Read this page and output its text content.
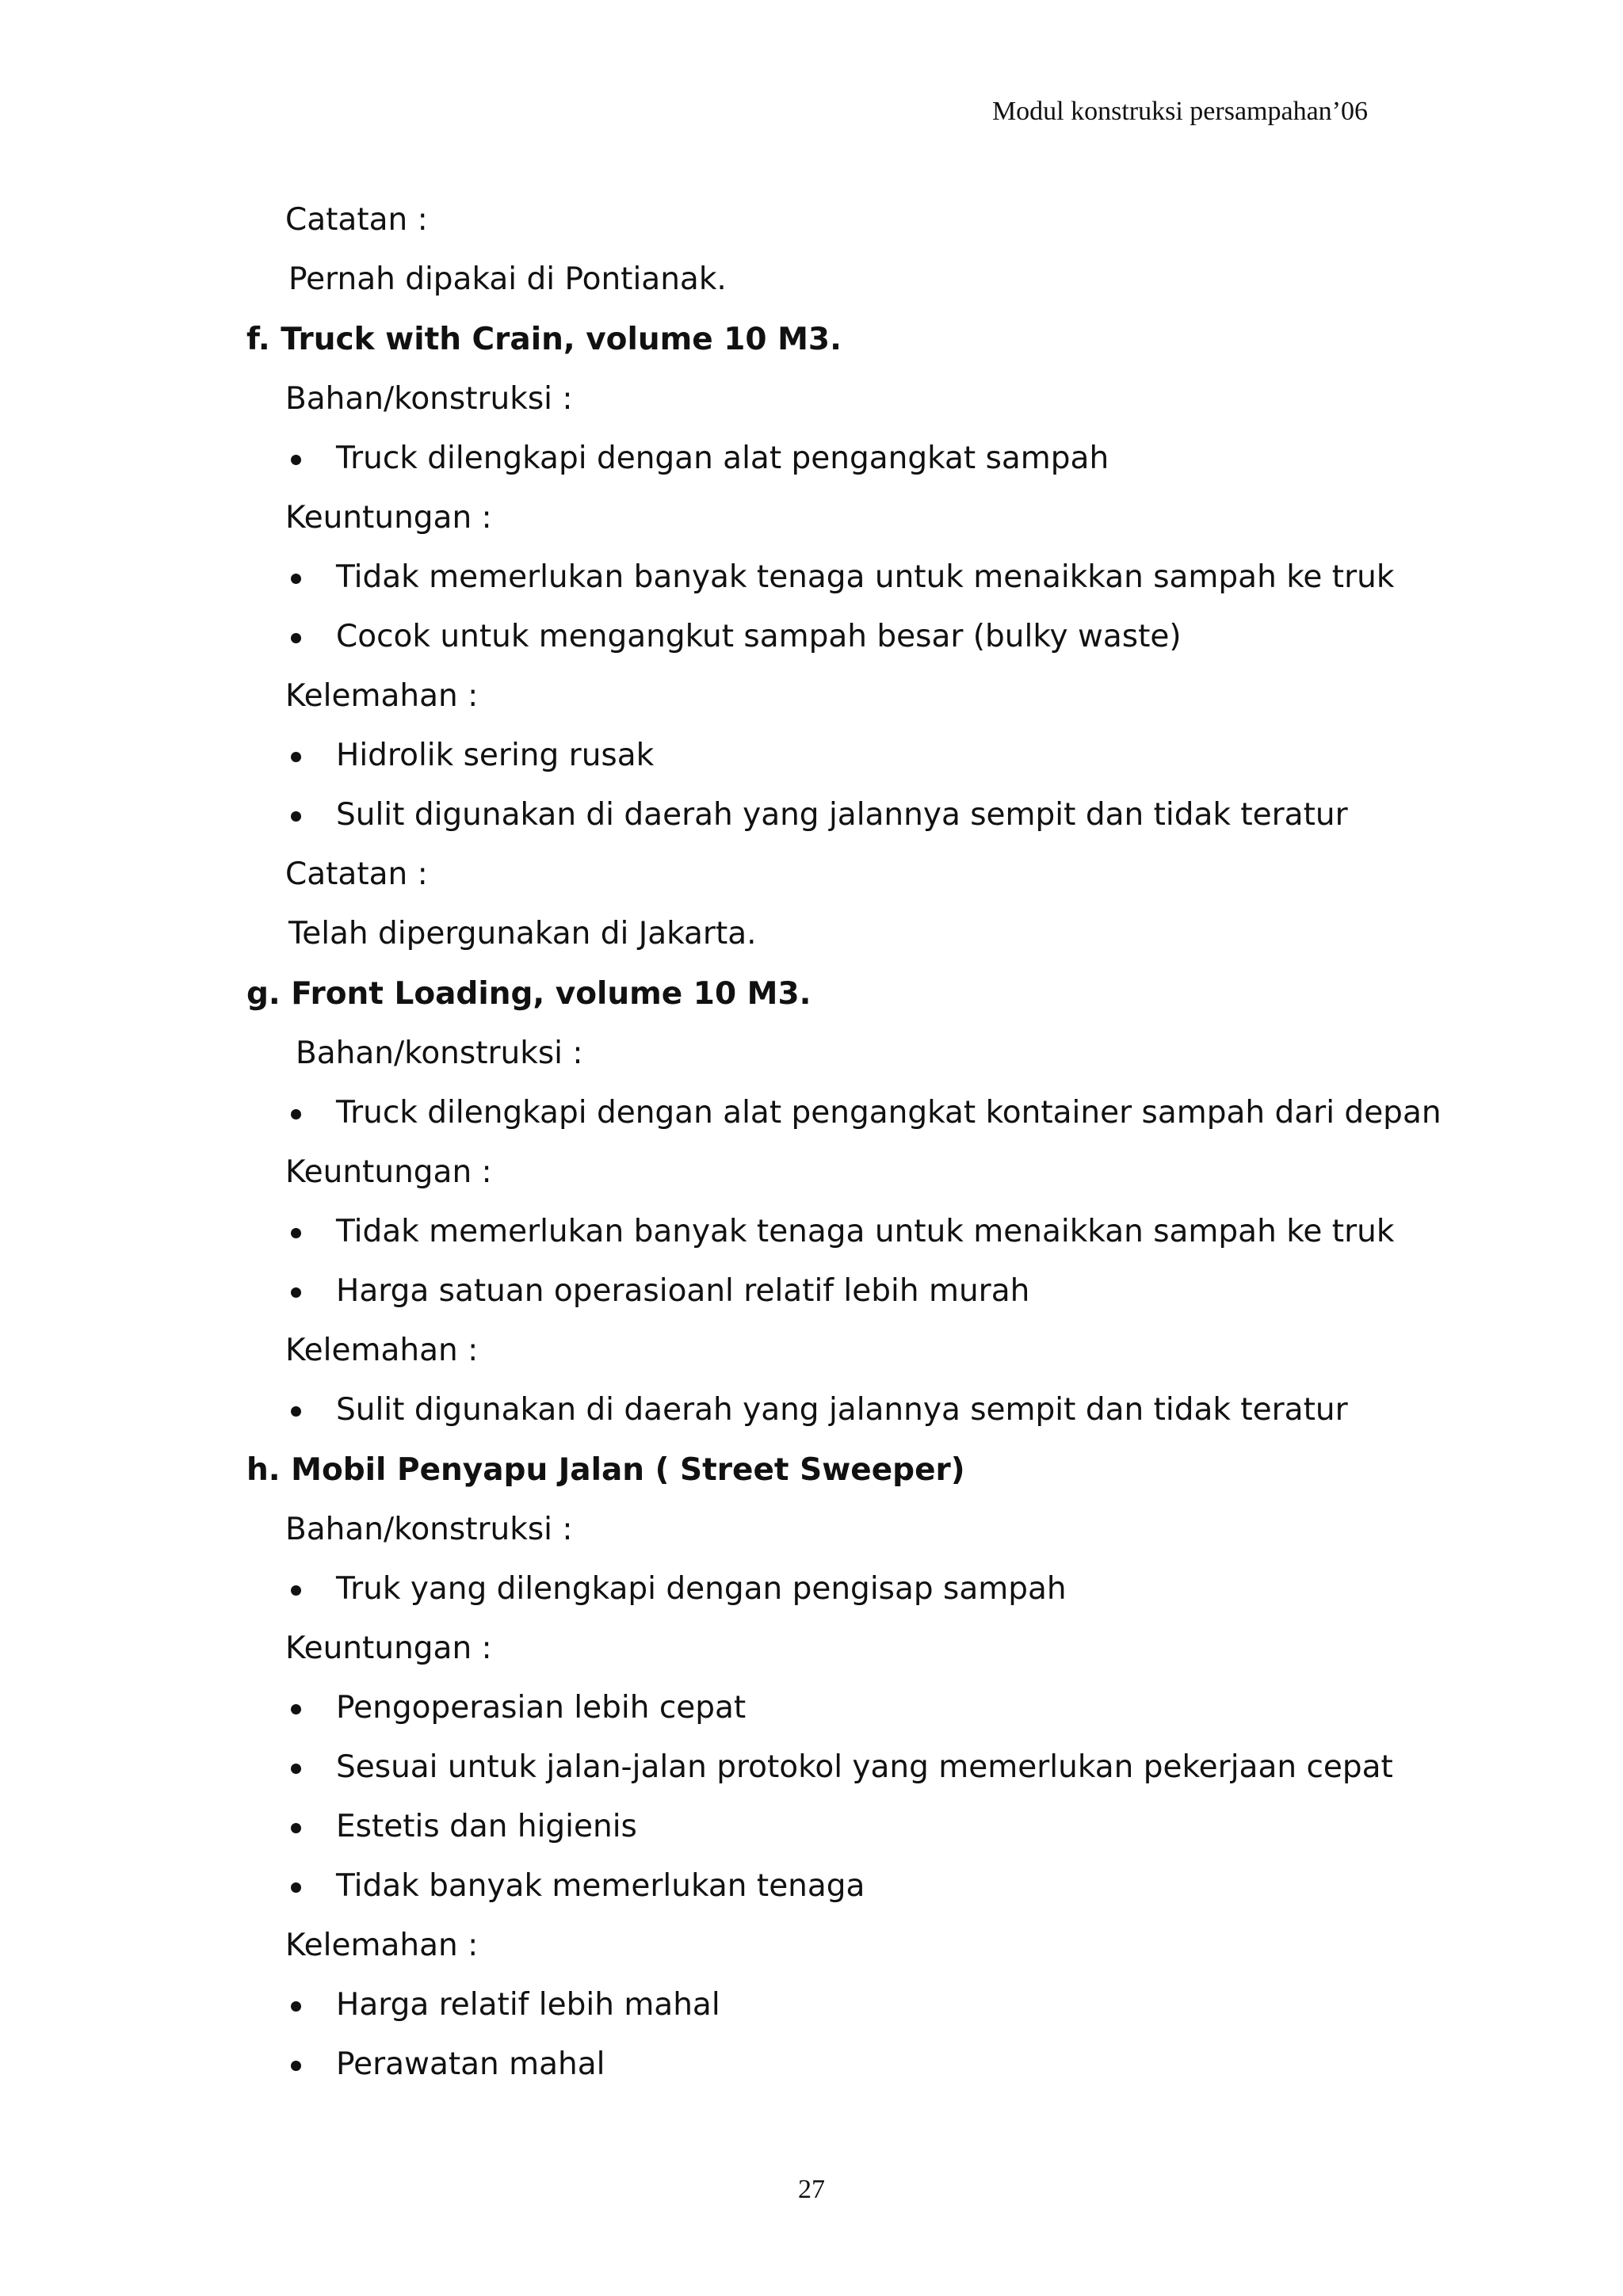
Modul konstruksi persampahan’06
Catatan :
Pernah dipakai di Pontianak.
f. Truck with Crain, volume 10 M3.
Bahan/konstruksi :
Truck dilengkapi dengan alat pengangkat sampah
Keuntungan :
Tidak memerlukan banyak tenaga untuk menaikkan sampah ke truk
Cocok untuk mengangkut sampah besar (bulky waste)
Kelemahan :
Hidrolik sering rusak
Sulit digunakan di daerah yang jalannya sempit dan tidak teratur
Catatan :
Telah dipergunakan di Jakarta.
g. Front Loading, volume 10 M3.
Bahan/konstruksi :
Truck dilengkapi dengan alat pengangkat kontainer sampah dari depan
Keuntungan :
Tidak memerlukan banyak tenaga untuk menaikkan sampah ke truk
Harga satuan operasioanl relatif lebih murah
Kelemahan :
Sulit digunakan di daerah yang jalannya sempit dan tidak teratur
h. Mobil Penyapu Jalan ( Street Sweeper)
Bahan/konstruksi :
Truk yang dilengkapi dengan pengisap sampah
Keuntungan :
Pengoperasian lebih cepat
Sesuai untuk jalan-jalan protokol yang memerlukan pekerjaan cepat
Estetis dan higienis
Tidak banyak memerlukan tenaga
Kelemahan :
Harga relatif lebih mahal
Perawatan mahal
27
